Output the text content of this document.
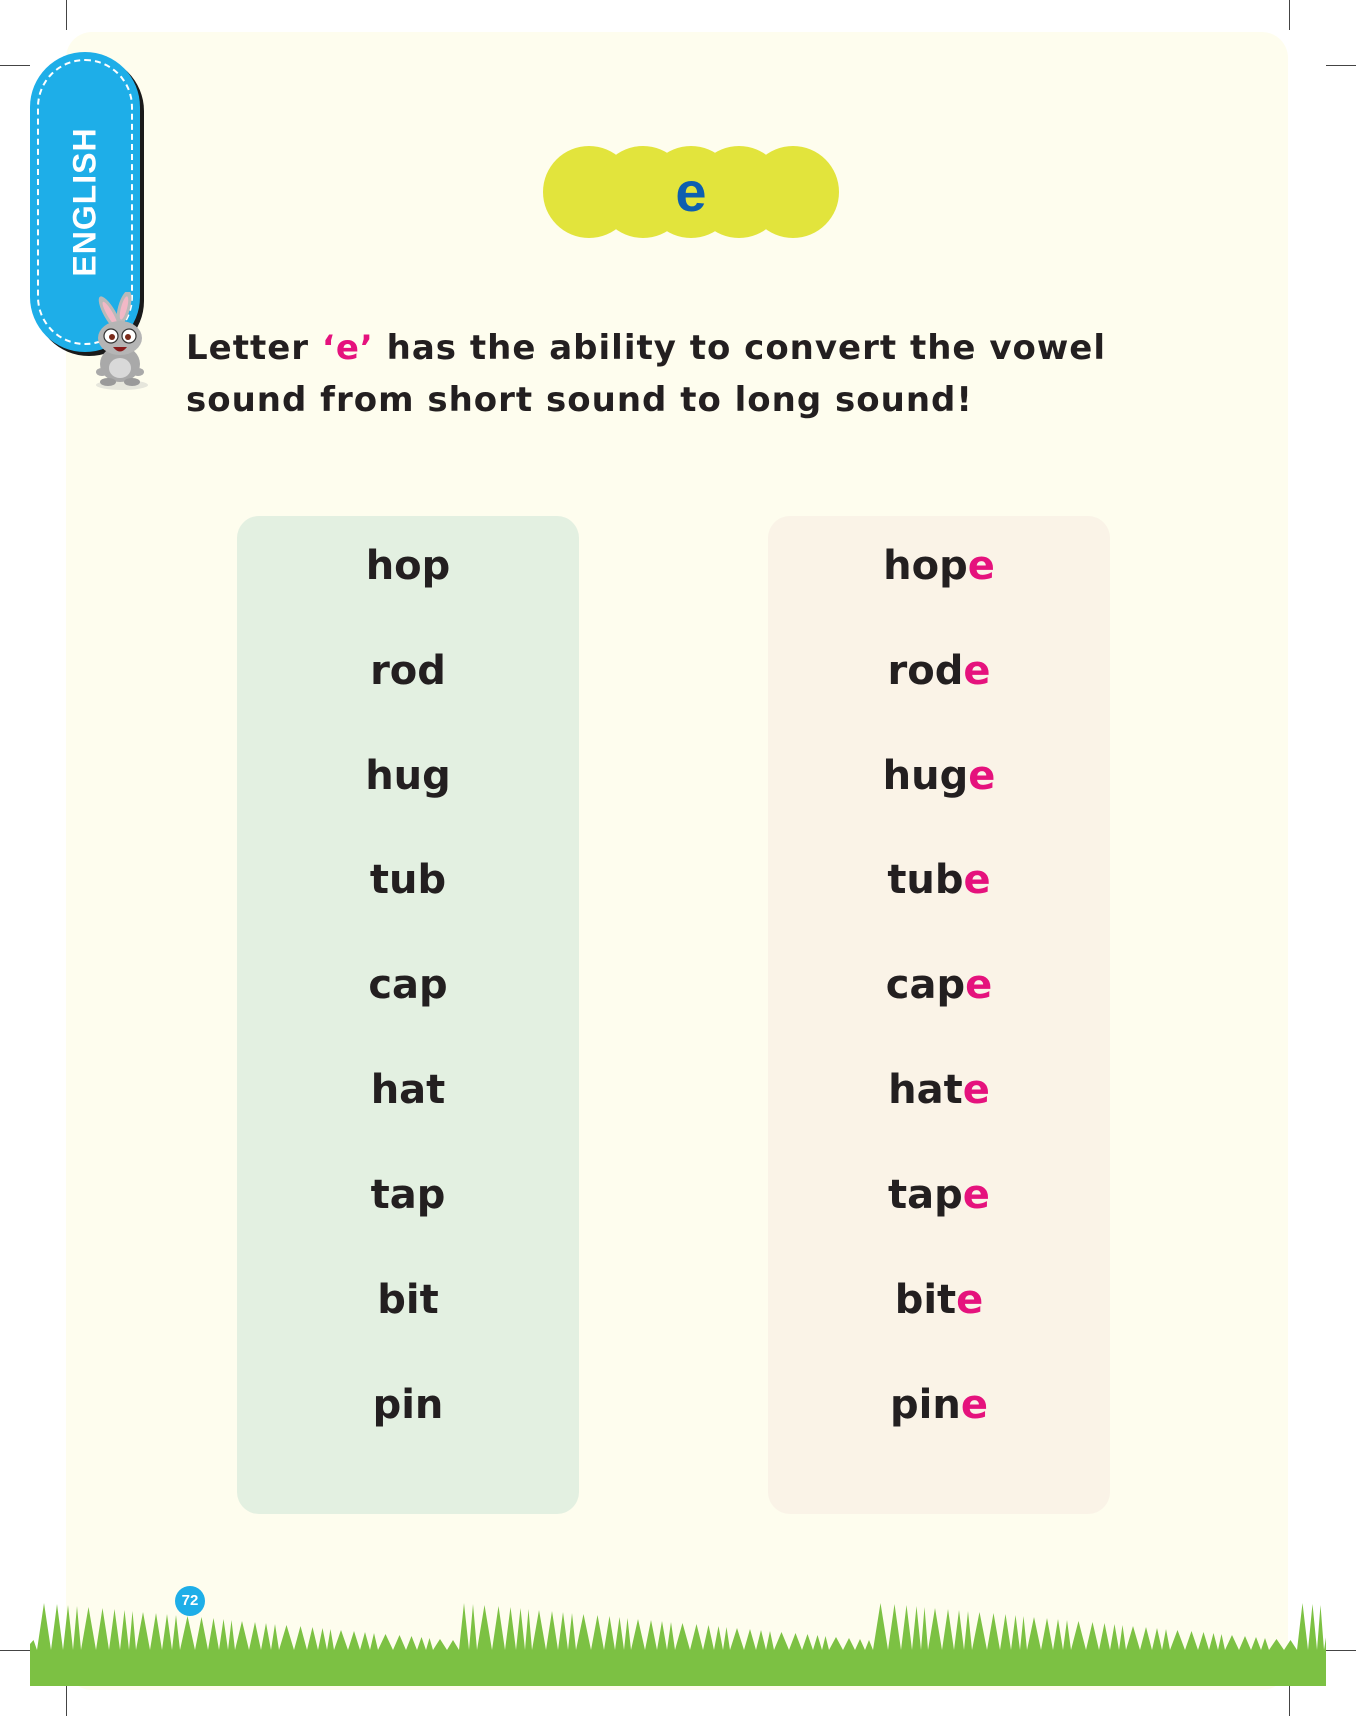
ENGLISH	e
Letter ‘e’ has the ability to convert the vowel sound from short sound to long sound!
hop
rod
hug
tub
cap
hat
tap
bit
pin
hope
rode
huge
tube
cape
hate
tape
bite
pine
72
